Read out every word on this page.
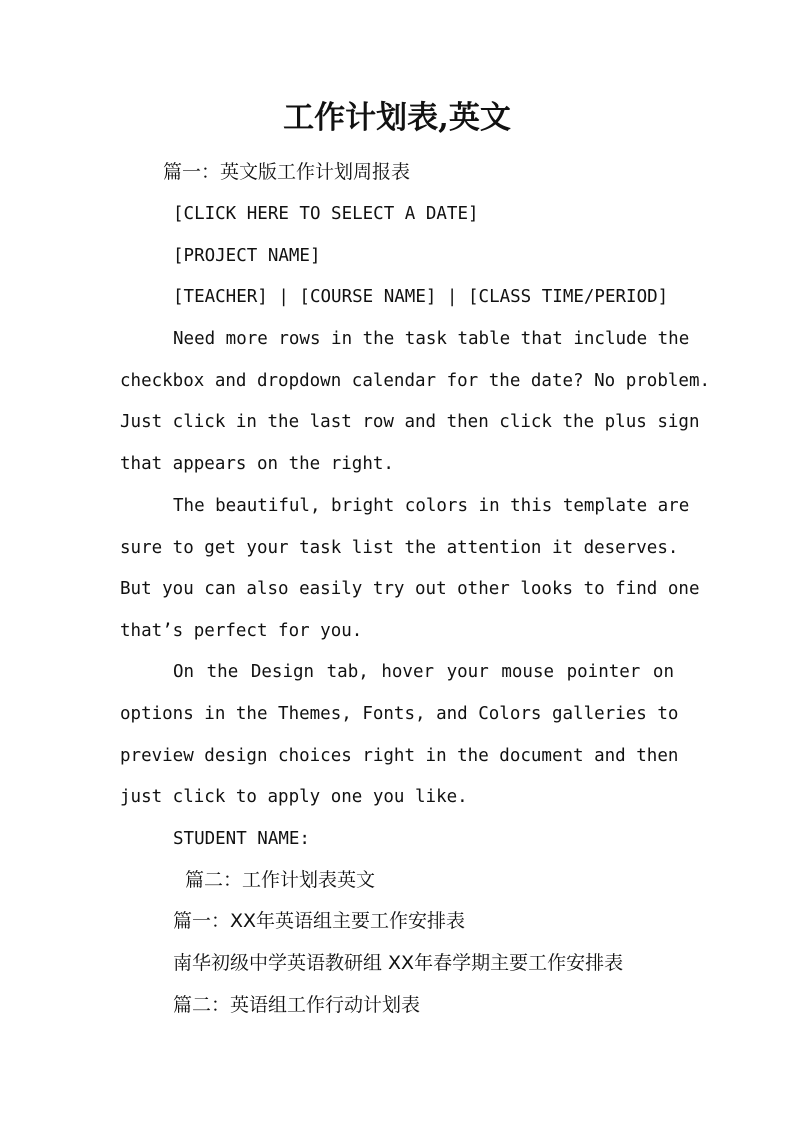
工作计划表,英文
篇一：英文版工作计划周报表
[CLICK HERE TO SELECT A DATE]
[PROJECT NAME]
[TEACHER] | [COURSE NAME] | [CLASS TIME/PERIOD]
Need more rows in the task table that include the
checkbox and dropdown calendar for the date? No problem.
Just click in the last row and then click the plus sign
that appears on the right.
The beautiful, bright colors in this template are
sure to get your task list the attention it deserves.
But you can also easily try out other looks to find one
that’s perfect for you.
On the Design tab, hover your mouse pointer on
options in the Themes, Fonts, and Colors galleries to
preview design choices right in the document and then
just click to apply one you like.
STUDENT NAME:
篇二：工作计划表英文
篇一：XX年英语组主要工作安排表
南华初级中学英语教研组 XX年春学期主要工作安排表
篇二：英语组工作行动计划表
